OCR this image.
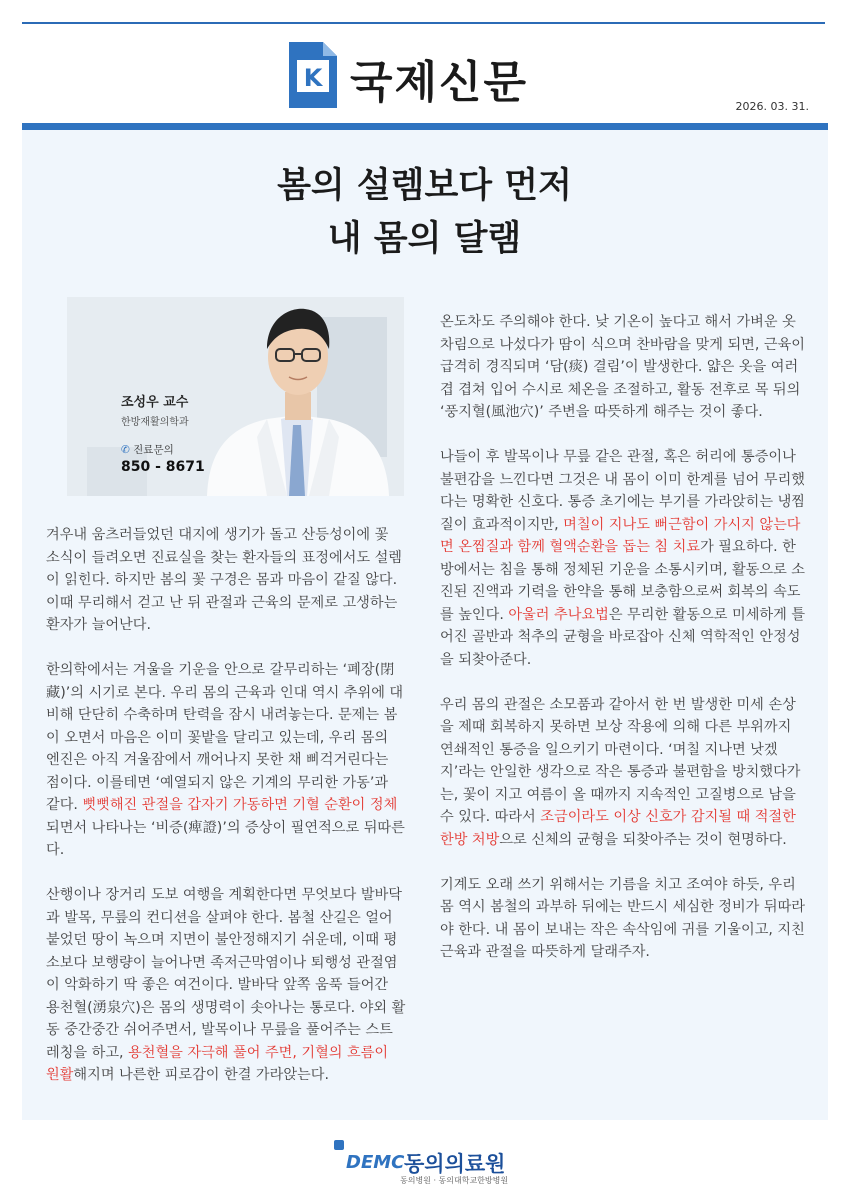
K 국제신문	2026. 03. 31.
봄의 설렘보다 먼저
내 몸의 달램
조성우 교수
한방재활의학과
✆ 진료문의
850 - 8671

겨우내 움츠러들었던 대지에 생기가 돌고 산등성이에 꽃 소식이 들려오면 진료실을 찾는 환자들의 표정에서도 설렘이 읽힌다. 하지만 봄의 꽃 구경은 몸과 마음이 같질 않다. 이때 무리해서 걷고 난 뒤 관절과 근육의 문제로 고생하는 환자가 늘어난다.

한의학에서는 겨울을 기운을 안으로 갈무리하는 ‘폐장(閉藏)’의 시기로 본다. 우리 몸의 근육과 인대 역시 추위에 대비해 단단히 수축하며 탄력을 잠시 내려놓는다. 문제는 봄이 오면서 마음은 이미 꽃밭을 달리고 있는데, 우리 몸의 엔진은 아직 겨울잠에서 깨어나지 못한 채 삐걱거린다는 점이다. 이를테면 ‘예열되지 않은 기계의 무리한 가동’과 같다. 뻣뻣해진 관절을 갑자기 가동하면 기혈 순환이 정체되면서 나타나는 ‘비증(痺證)’의 증상이 필연적으로 뒤따른다.

산행이나 장거리 도보 여행을 계획한다면 무엇보다 발바닥과 발목, 무릎의 컨디션을 살펴야 한다. 봄철 산길은 얼어붙었던 땅이 녹으며 지면이 불안정해지기 쉬운데, 이때 평소보다 보행량이 늘어나면 족저근막염이나 퇴행성 관절염이 악화하기 딱 좋은 여건이다. 발바닥 앞쪽 움푹 들어간 용천혈(湧泉穴)은 몸의 생명력이 솟아나는 통로다. 야외 활동 중간중간 쉬어주면서, 발목이나 무릎을 풀어주는 스트레칭을 하고, 용천혈을 자극해 풀어 주면, 기혈의 흐름이 원활해지며 나른한 피로감이 한결 가라앉는다.

온도차도 주의해야 한다. 낮 기온이 높다고 해서 가벼운 옷차림으로 나섰다가 땀이 식으며 찬바람을 맞게 되면, 근육이 급격히 경직되며 ‘담(痰) 결림’이 발생한다. 얇은 옷을 여러 겹 겹쳐 입어 수시로 체온을 조절하고, 활동 전후로 목 뒤의 ‘풍지혈(風池穴)’ 주변을 따뜻하게 해주는 것이 좋다.

나들이 후 발목이나 무릎 같은 관절, 혹은 허리에 통증이나 불편감을 느낀다면 그것은 내 몸이 이미 한계를 넘어 무리했다는 명확한 신호다. 통증 초기에는 부기를 가라앉히는 냉찜질이 효과적이지만, 며칠이 지나도 뻐근함이 가시지 않는다면 온찜질과 함께 혈액순환을 돕는 침 치료가 필요하다. 한방에서는 침을 통해 정체된 기운을 소통시키며, 활동으로 소진된 진액과 기력을 한약을 통해 보충함으로써 회복의 속도를 높인다. 아울러 추나요법은 무리한 활동으로 미세하게 틀어진 골반과 척추의 균형을 바로잡아 신체 역학적인 안정성을 되찾아준다.

우리 몸의 관절은 소모품과 같아서 한 번 발생한 미세 손상을 제때 회복하지 못하면 보상 작용에 의해 다른 부위까지 연쇄적인 통증을 일으키기 마련이다. ‘며칠 지나면 낫겠지’라는 안일한 생각으로 작은 통증과 불편함을 방치했다가는, 꽃이 지고 여름이 올 때까지 지속적인 고질병으로 남을 수 있다. 따라서 조금이라도 이상 신호가 감지될 때 적절한 한방 처방으로 신체의 균형을 되찾아주는 것이 현명하다.

기계도 오래 쓰기 위해서는 기름을 치고 조여야 하듯, 우리 몸 역시 봄철의 과부하 뒤에는 반드시 세심한 정비가 뒤따라야 한다. 내 몸이 보내는 작은 속삭임에 귀를 기울이고, 지친 근육과 관절을 따뜻하게 달래주자.

DEMC 동의의료원
동의병원 · 동의대학교한방병원
